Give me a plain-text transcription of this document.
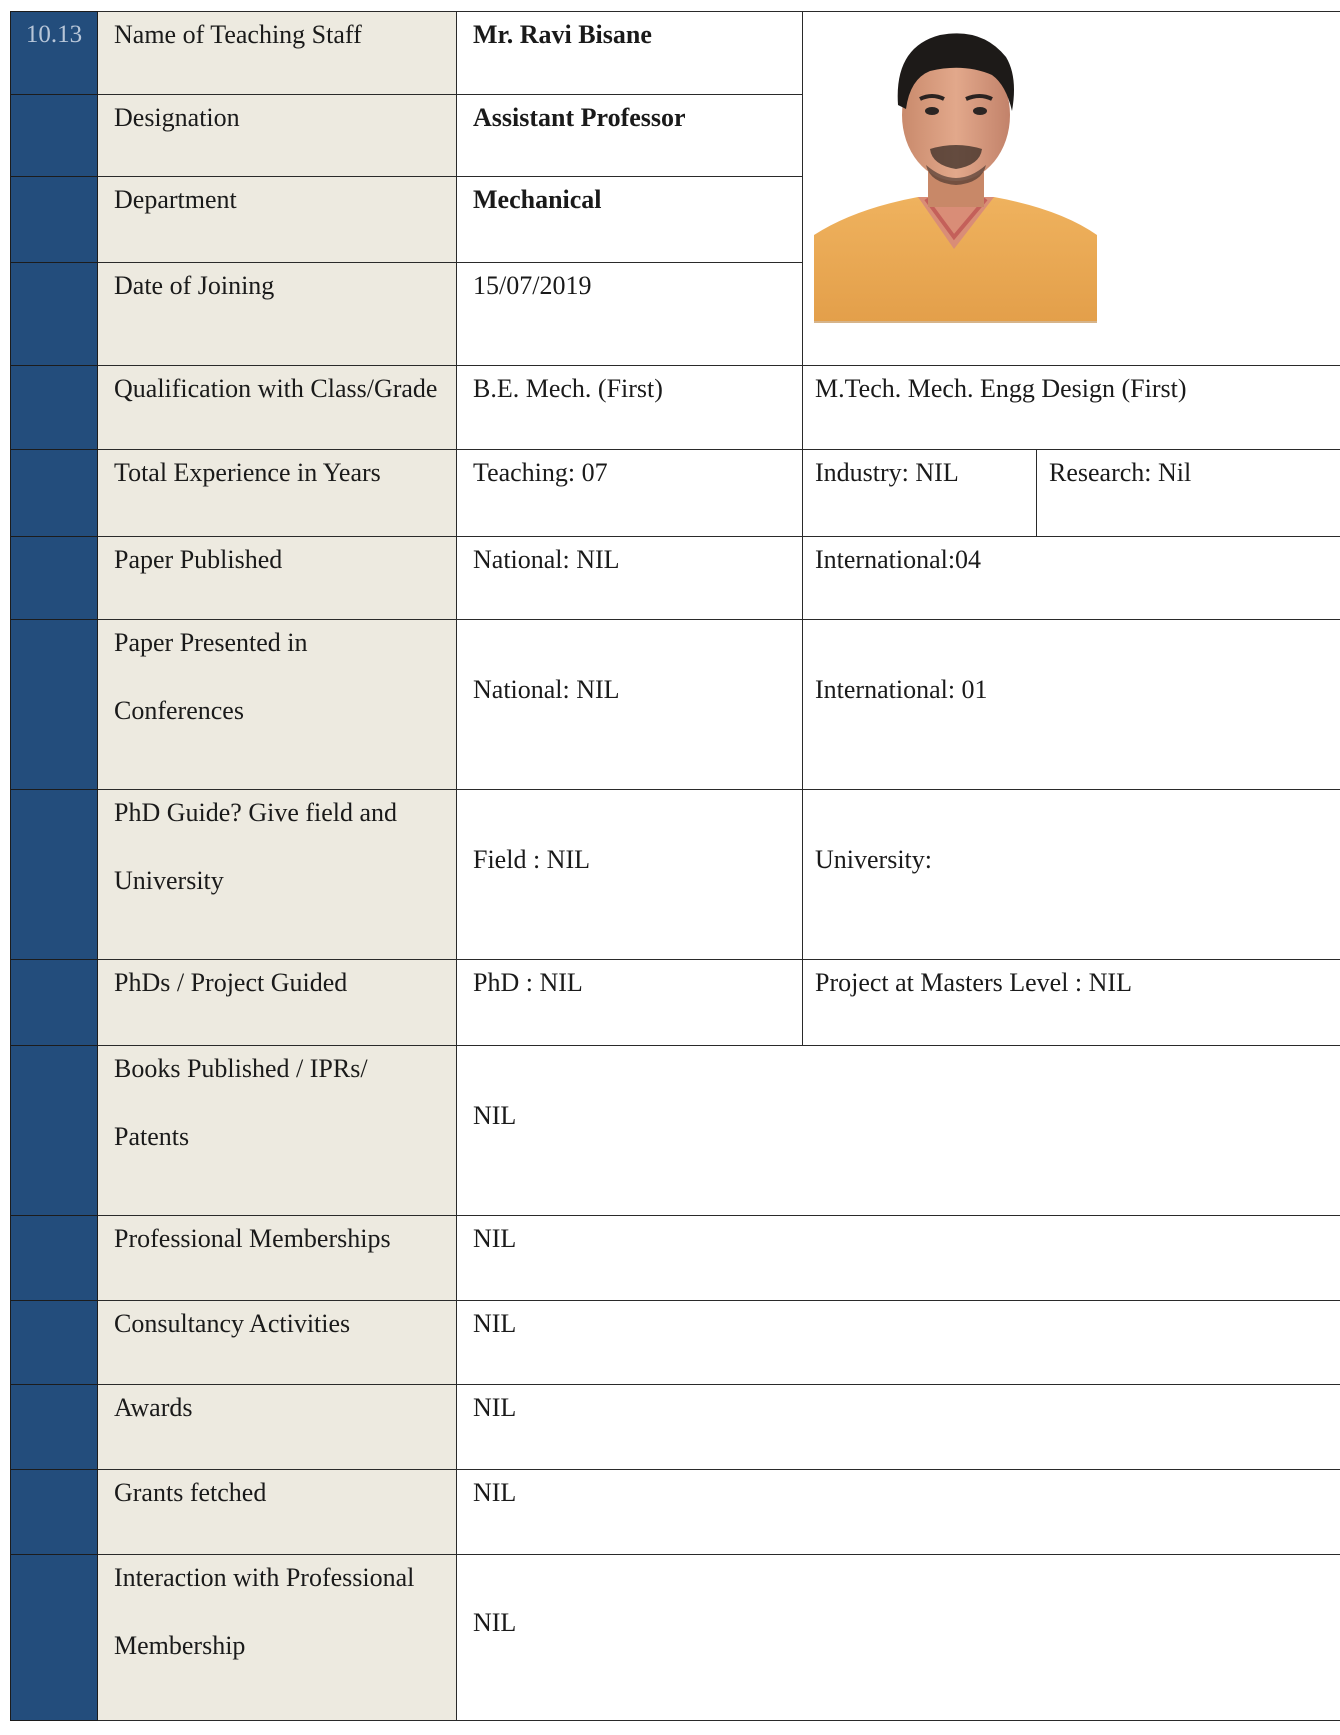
10.13	Name of Teaching Staff	Mr. Ravi Bisane	

	Designation	Assistant Professor		
	Department	Mechanical		
	Date of Joining	15/07/2019		
	Qualification with Class/Grade	B.E. Mech. (First)	M.Tech. Mech. Engg Design (First)	
	Total Experience in Years	Teaching: 07	Industry: NIL	Research: Nil
	Paper Published	National: NIL	International:04	

	Paper Presented in
Conferences	National: NIL	International: 01	

	PhD Guide? Give field and
University	Field : NIL	University:	
	PhDs / Project Guided	PhD : NIL	Project at Masters Level : NIL	

	Books Published / IPRs/
Patents	NIL		
	Professional Memberships	NIL		
	Consultancy Activities	NIL		
	Awards	NIL		
	Grants fetched	NIL		

	Interaction with Professional
Membership	NIL		
